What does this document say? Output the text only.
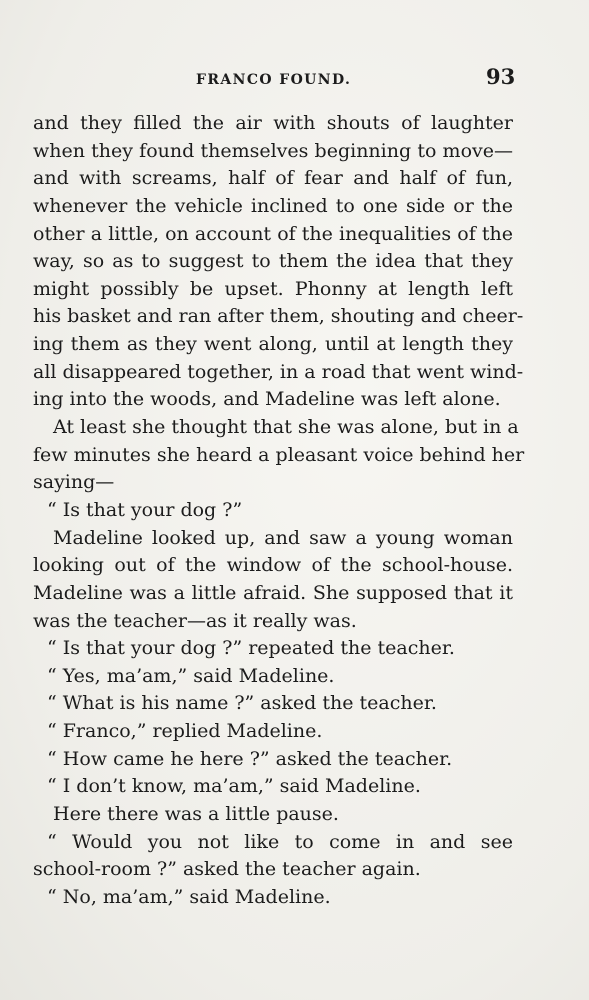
FRANCO FOUND.	93
and they filled the air with shouts of laughter
when they found themselves beginning to move—
and with screams, half of fear and half of fun,
whenever the vehicle inclined to one side or the
other a little, on account of the inequalities of the
way, so as to suggest to them the idea that they
might possibly be upset. Phonny at length left
his basket and ran after them, shouting and cheer-
ing them as they went along, until at length they
all disappeared together, in a road that went wind-
ing into the woods, and Madeline was left alone.
At least she thought that she was alone, but in a
few minutes she heard a pleasant voice behind her
saying—
“ Is that your dog ?”
Madeline looked up, and saw a young woman
looking out of the window of the school-house.
Madeline was a little afraid. She supposed that it
was the teacher—as it really was.
“ Is that your dog ?” repeated the teacher.
“ Yes, ma’am,” said Madeline.
“ What is his name ?” asked the teacher.
“ Franco,” replied Madeline.
“ How came he here ?” asked the teacher.
“ I don’t know, ma’am,” said Madeline.
Here there was a little pause.
“ Would you not like to come in and see
school-room ?” asked the teacher again.
“ No, ma’am,” said Madeline.
